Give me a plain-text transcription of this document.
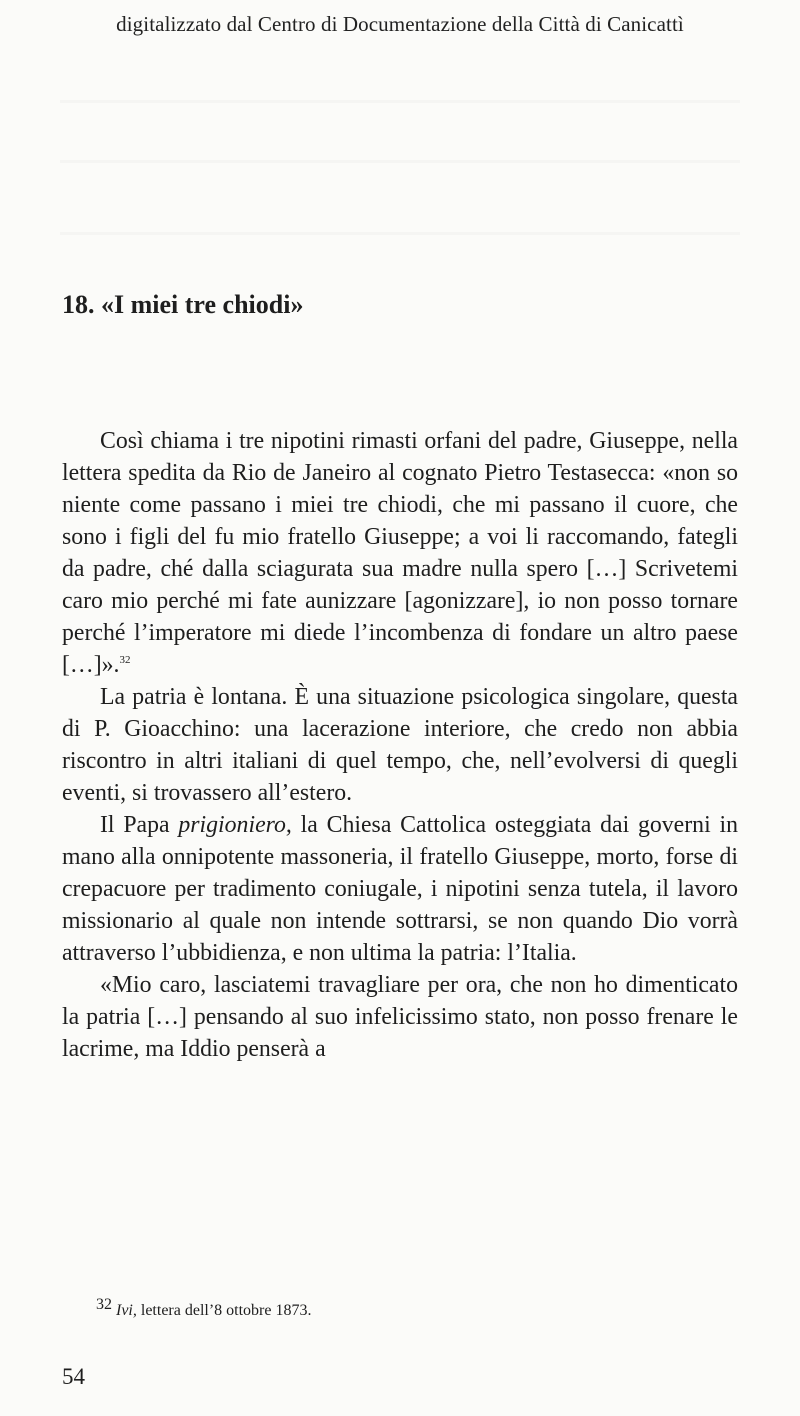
digitalizzato dal Centro di Documentazione della Città di Canicattì
18. «I miei tre chiodi»

Così chiama i tre nipotini rimasti orfani del padre, Giuseppe, nella lettera spedita da Rio de Janeiro al cognato Pietro Testasecca: «non so niente come passano i miei tre chiodi, che mi passano il cuore, che sono i figli del fu mio fratello Giuseppe; a voi li raccomando, fategli da padre, ché dalla sciagurata sua madre nulla spero […] Scrivetemi caro mio perché mi fate aunizzare [agonizzare], io non posso tornare perché l’imperatore mi diede l’incombenza di fondare un altro paese […]».$^{32}$

La patria è lontana. È una situazione psicologica singolare, questa di P. Gioacchino: una lacerazione interiore, che credo non abbia riscontro in altri italiani di quel tempo, che, nell’evolversi di quegli eventi, si trovassero all’estero.

Il Papa prigioniero, la Chiesa Cattolica osteggiata dai governi in mano alla onnipotente massoneria, il fratello Giuseppe, morto, forse di crepacuore per tradimento coniugale, i nipotini senza tutela, il lavoro missionario al quale non intende sottrarsi, se non quando Dio vorrà attraverso l’ubbidienza, e non ultima la patria: l’Italia.

«Mio caro, lasciatemi travagliare per ora, che non ho dimenticato la patria […] pensando al suo infelicissimo stato, non posso frenare le lacrime, ma Iddio penserà a

32 Ivi, lettera dell’8 ottobre 1873.
54
